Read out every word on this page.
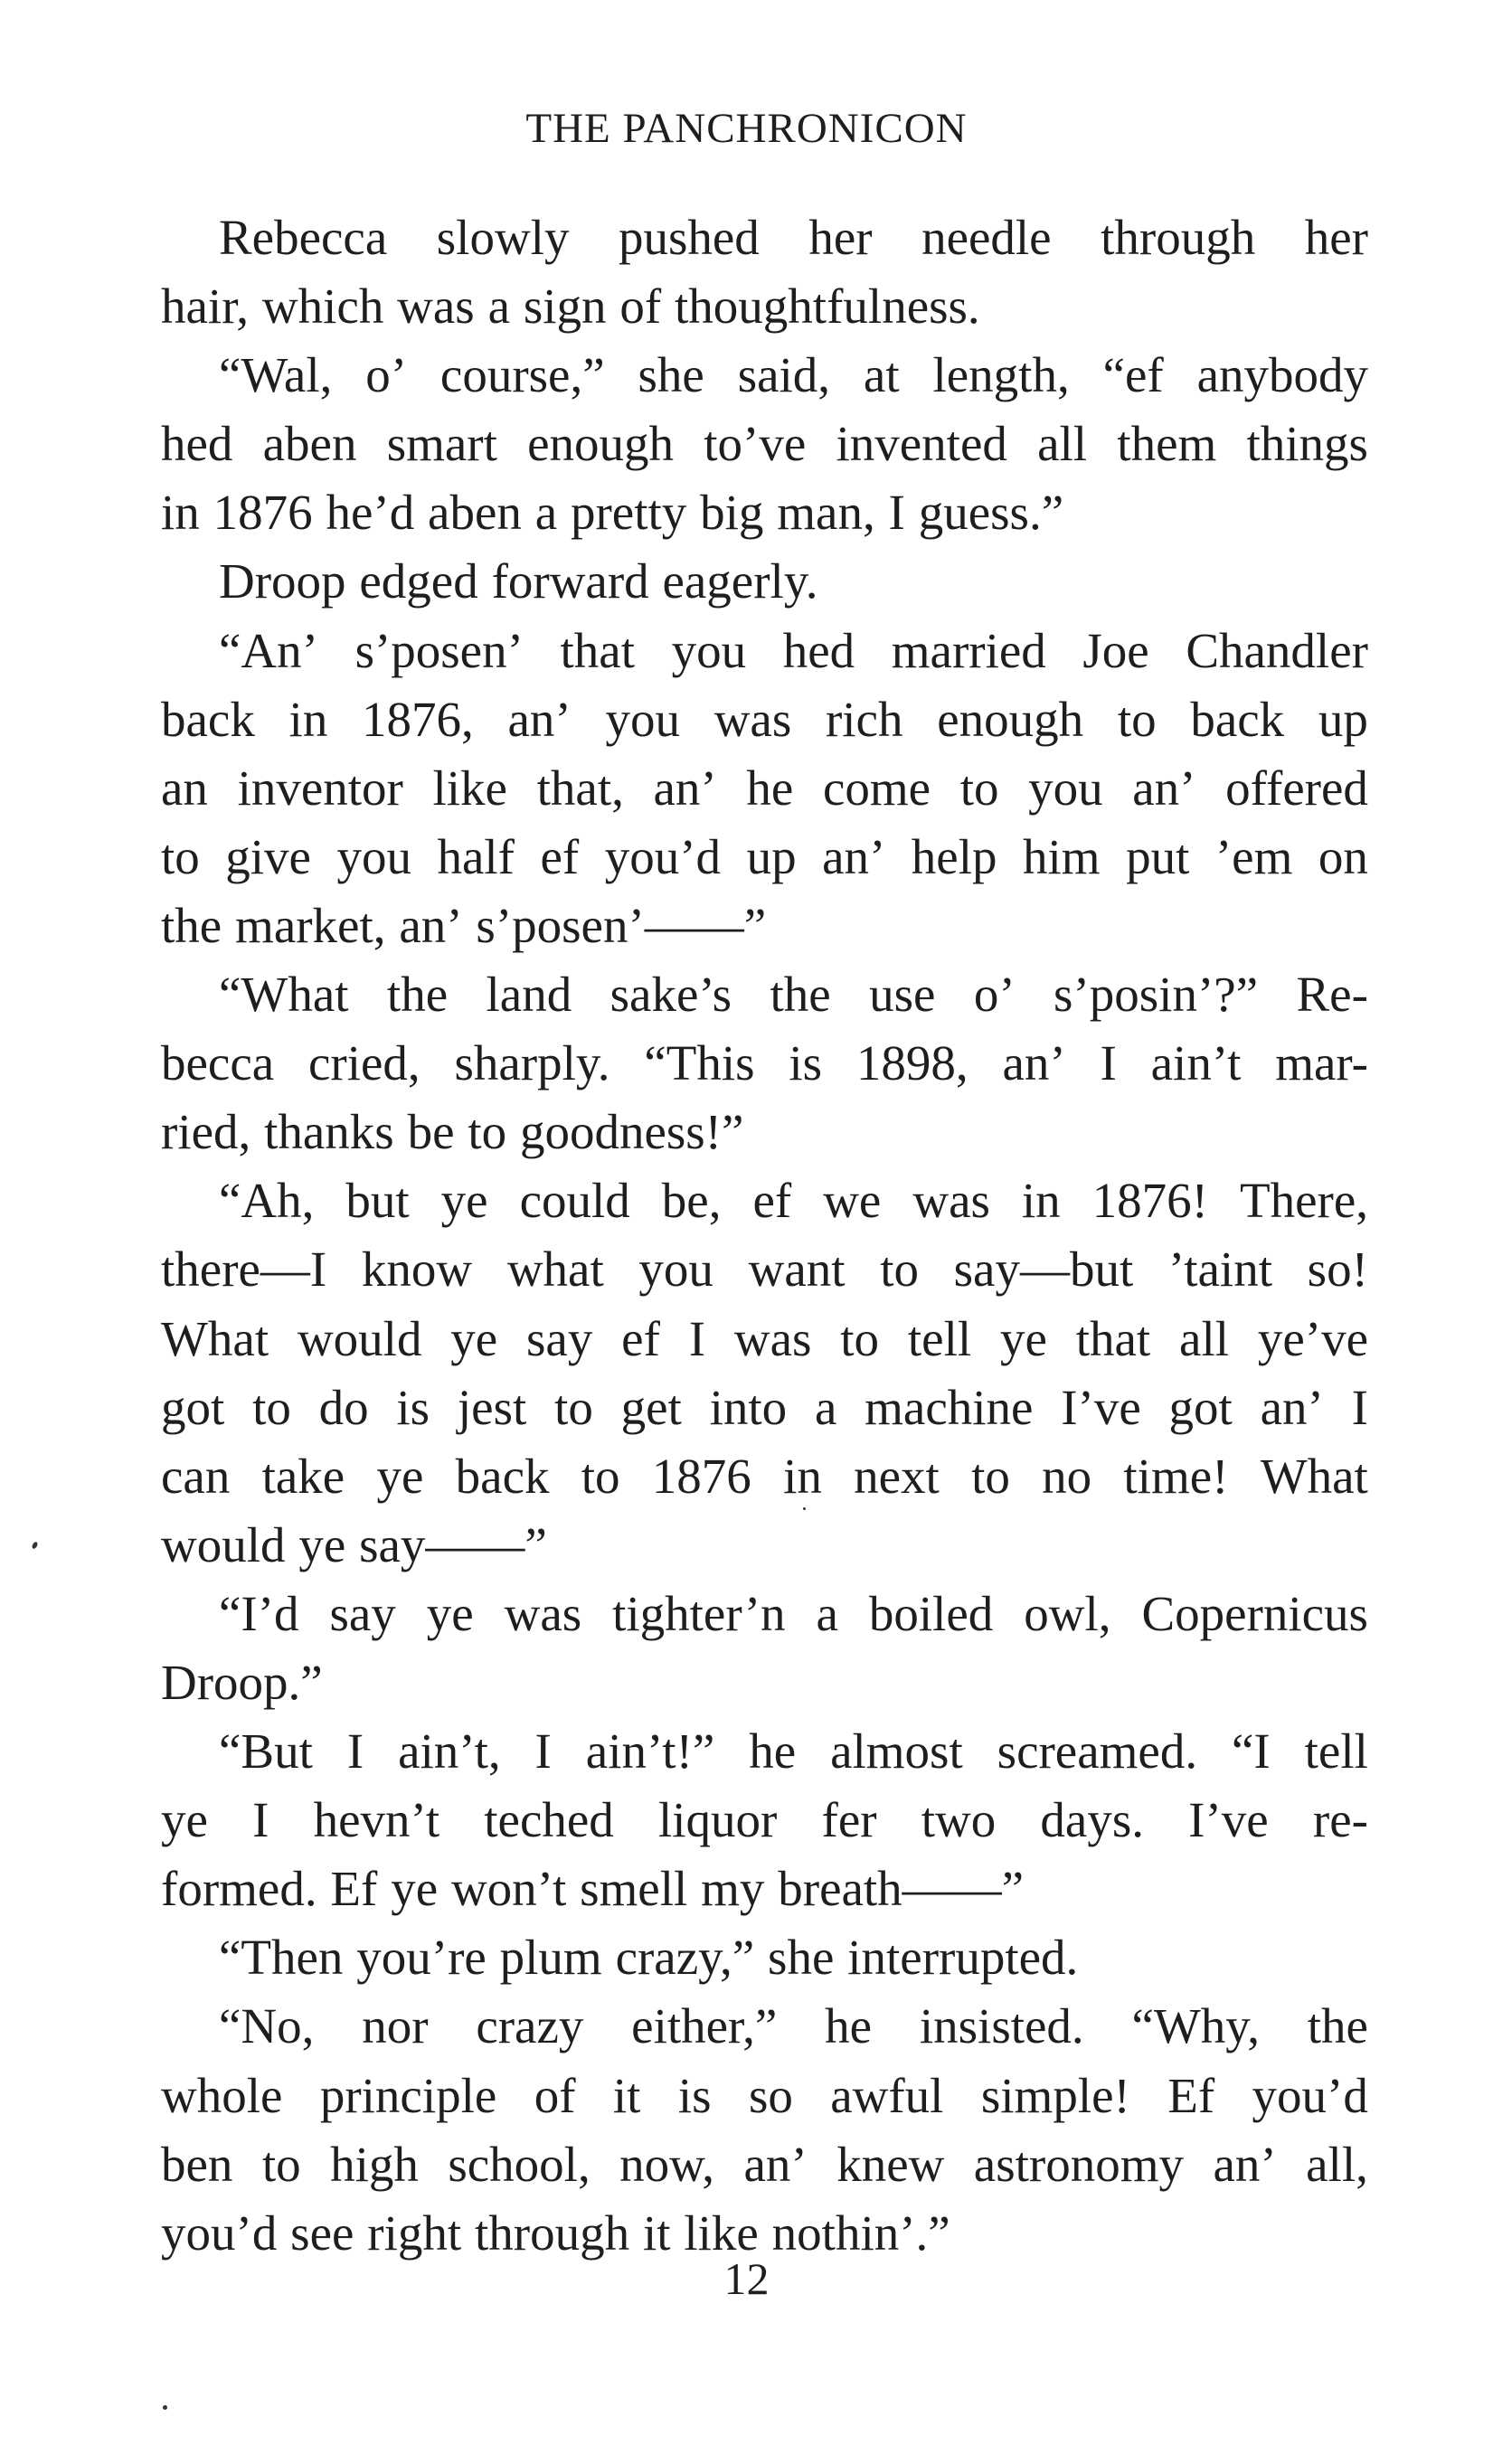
THE PANCHRONICON
Rebecca slowly pushed her needle through her
hair, which was a sign of thoughtfulness.
“Wal, o’ course,” she said, at length, “ef anybody
hed aben smart enough to’ve invented all them things
in 1876 he’d aben a pretty big man, I guess.”
Droop edged forward eagerly.
“An’ s’posen’ that you hed married Joe Chandler
back in 1876, an’ you was rich enough to back up
an inventor like that, an’ he come to you an’ offered
to give you half ef you’d up an’ help him put ’em on
the market, an’ s’posen’——”
“What the land sake’s the use o’ s’posin’?” Re-
becca cried, sharply. “This is 1898, an’ I ain’t mar-
ried, thanks be to goodness!”
“Ah, but ye could be, ef we was in 1876! There,
there—I know what you want to say—but ’taint so!
What would ye say ef I was to tell ye that all ye’ve
got to do is jest to get into a machine I’ve got an’ I
can take ye back to 1876 in next to no time! What
would ye say——”
“I’d say ye was tighter’n a boiled owl, Copernicus
Droop.”
“But I ain’t, I ain’t!” he almost screamed. “I tell
ye I hevn’t teched liquor fer two days. I’ve re-
formed. Ef ye won’t smell my breath——”
“Then you’re plum crazy,” she interrupted.
“No, nor crazy either,” he insisted. “Why, the
whole principle of it is so awful simple! Ef you’d
ben to high school, now, an’ knew astronomy an’ all,
you’d see right through it like nothin’.”
12
